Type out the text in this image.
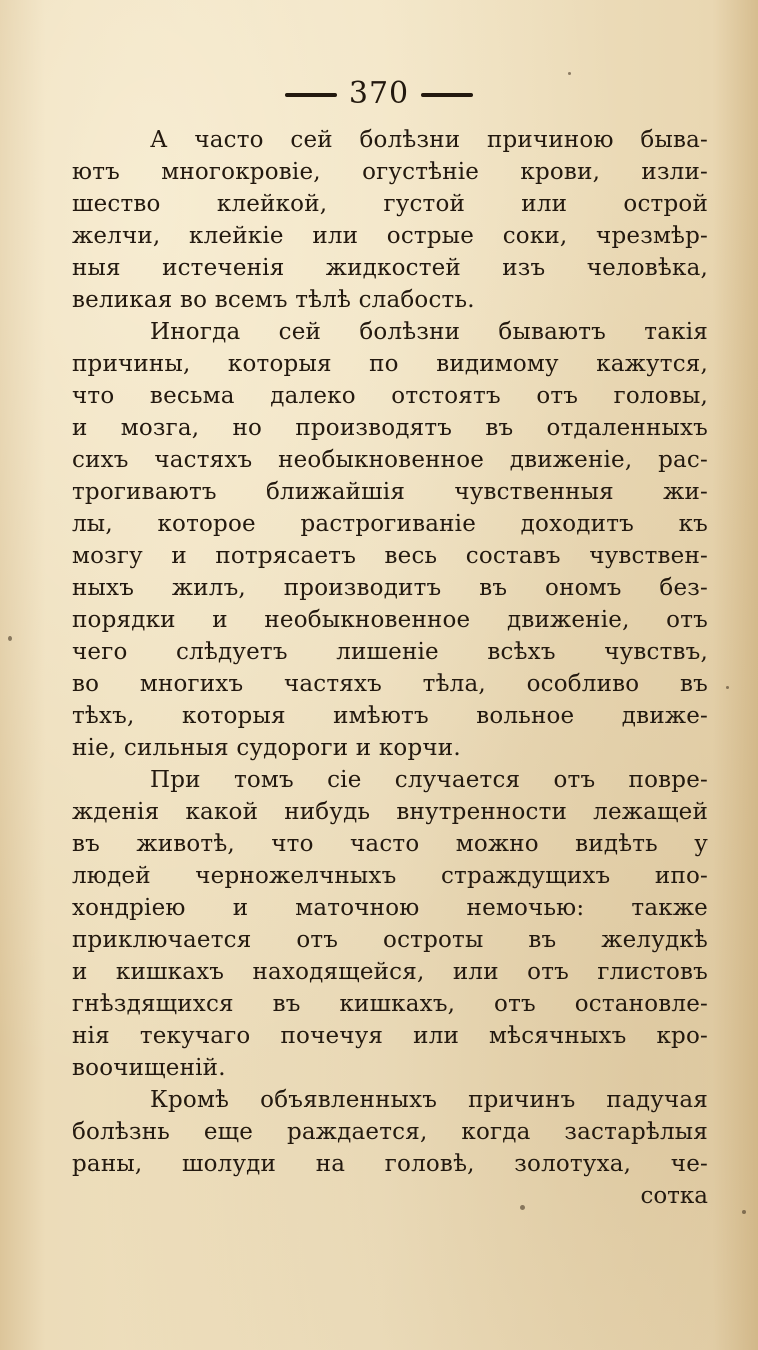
370
А часто сей болѣзни причиною быва-
ютъ многокровіе, огустѣніе крови, изли-
шество клейкой, густой или острой
желчи, клейкіе или острые соки, чрезмѣр-
ныя истеченія жидкостей изъ человѣка,
великая во всемъ тѣлѣ слабость.
Иногда сей болѣзни бываютъ такія
причины, которыя по видимому кажутся,
что весьма далеко отстоятъ отъ головы,
и мозга, но производятъ въ отдаленныхъ
сихъ частяхъ необыкновенное движеніе, рас-
трогиваютъ ближайшія чувственныя жи-
лы, которое растрогиваніе доходитъ къ
мозгу и потрясаетъ весь составъ чувствен-
ныхъ жилъ, производитъ въ ономъ без-
порядки и необыкновенное движеніе, отъ
чего слѣдуетъ лишеніе всѣхъ чувствъ,
во многихъ частяхъ тѣла, особливо въ
тѣхъ, которыя имѣютъ вольное движе-
ніе, сильныя судороги и корчи.
При томъ сіе случается отъ повре-
жденія какой нибудь внутренности лежащей
въ животѣ, что часто можно видѣть у
людей черножелчныхъ страждущихъ ипо-
хондріею и маточною немочью: также
приключается отъ остроты въ желудкѣ
и кишкахъ находящейся, или отъ глистовъ
гнѣздящихся въ кишкахъ, отъ остановле-
нія текучаго почечуя или мѣсячныхъ кро-
воочищеній.
Кромѣ объявленныхъ причинъ падучая
болѣзнь еще раждается, когда застарѣлыя
раны, шолуди на головѣ, золотуха, че-
сотка
